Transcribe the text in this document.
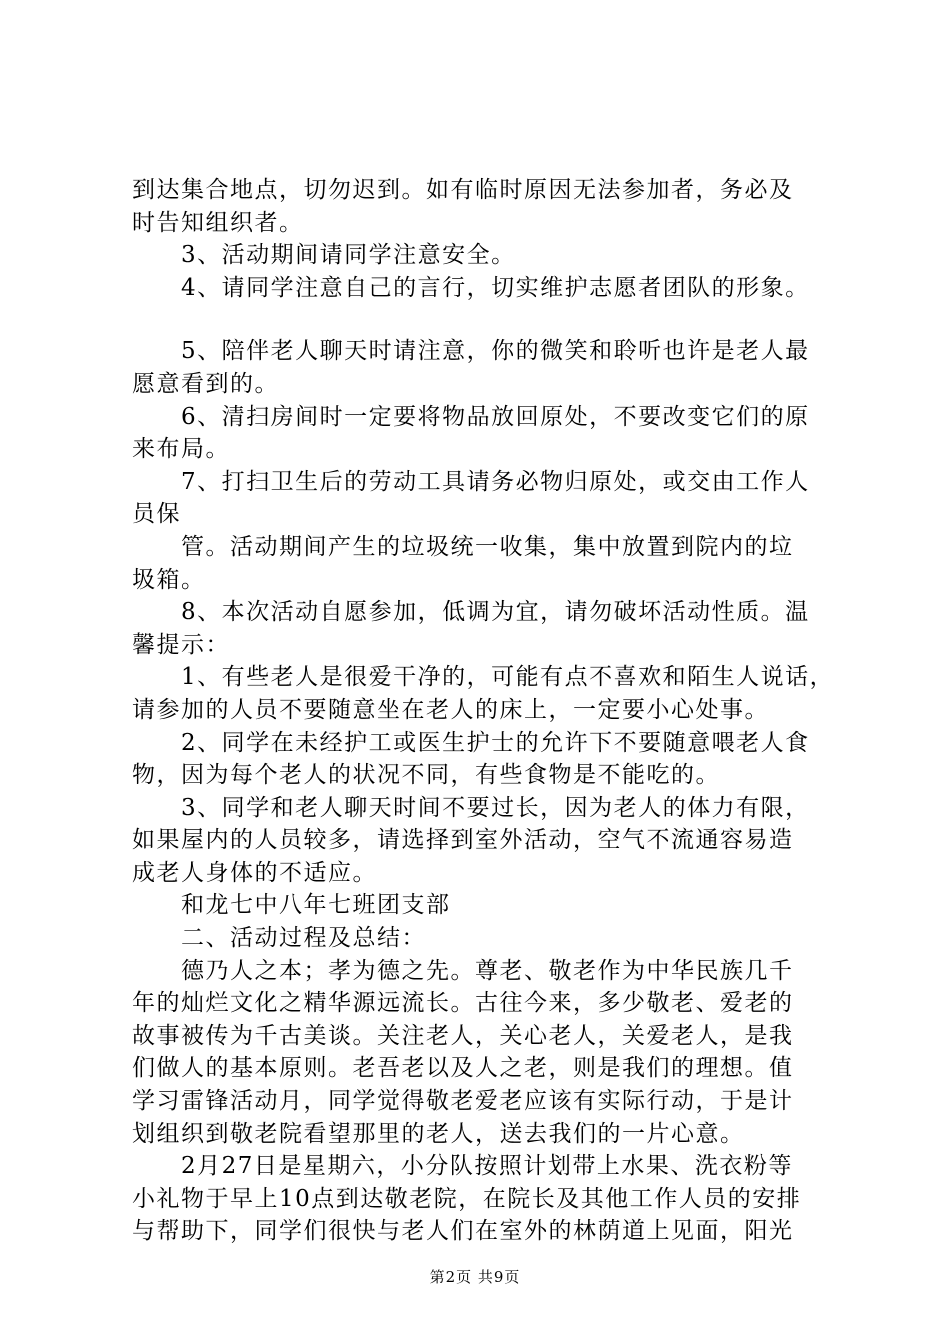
到达集合地点，切勿迟到。如有临时原因无法参加者，务必及
时告知组织者。
　　3、活动期间请同学注意安全。
　　4、请同学注意自己的言行，切实维护志愿者团队的形象。
　　5、陪伴老人聊天时请注意，你的微笑和聆听也许是老人最
愿意看到的。
　　6、清扫房间时一定要将物品放回原处，不要改变它们的原
来布局。
　　7、打扫卫生后的劳动工具请务必物归原处，或交由工作人
员保
　　管。活动期间产生的垃圾统一收集，集中放置到院内的垃
圾箱。
　　8、本次活动自愿参加，低调为宜，请勿破坏活动性质。温
馨提示：
　　1、有些老人是很爱干净的，可能有点不喜欢和陌生人说话，
请参加的人员不要随意坐在老人的床上，一定要小心处事。
　　2、同学在未经护工或医生护士的允许下不要随意喂老人食
物，因为每个老人的状况不同，有些食物是不能吃的。
　　3、同学和老人聊天时间不要过长，因为老人的体力有限，
如果屋内的人员较多，请选择到室外活动，空气不流通容易造
成老人身体的不适应。
　　和龙七中八年七班团支部
　　二、活动过程及总结：
　　德乃人之本；孝为德之先。尊老、敬老作为中华民族几千
年的灿烂文化之精华源远流长。古往今来，多少敬老、爱老的
故事被传为千古美谈。关注老人，关心老人，关爱老人，是我
们做人的基本原则。老吾老以及人之老，则是我们的理想。值
学习雷锋活动月，同学觉得敬老爱老应该有实际行动，于是计
划组织到敬老院看望那里的老人，送去我们的一片心意。
　　2月27日是星期六，小分队按照计划带上水果、洗衣粉等
小礼物于早上10点到达敬老院，在院长及其他工作人员的安排
与帮助下，同学们很快与老人们在室外的林荫道上见面，阳光
第2页 共9页
